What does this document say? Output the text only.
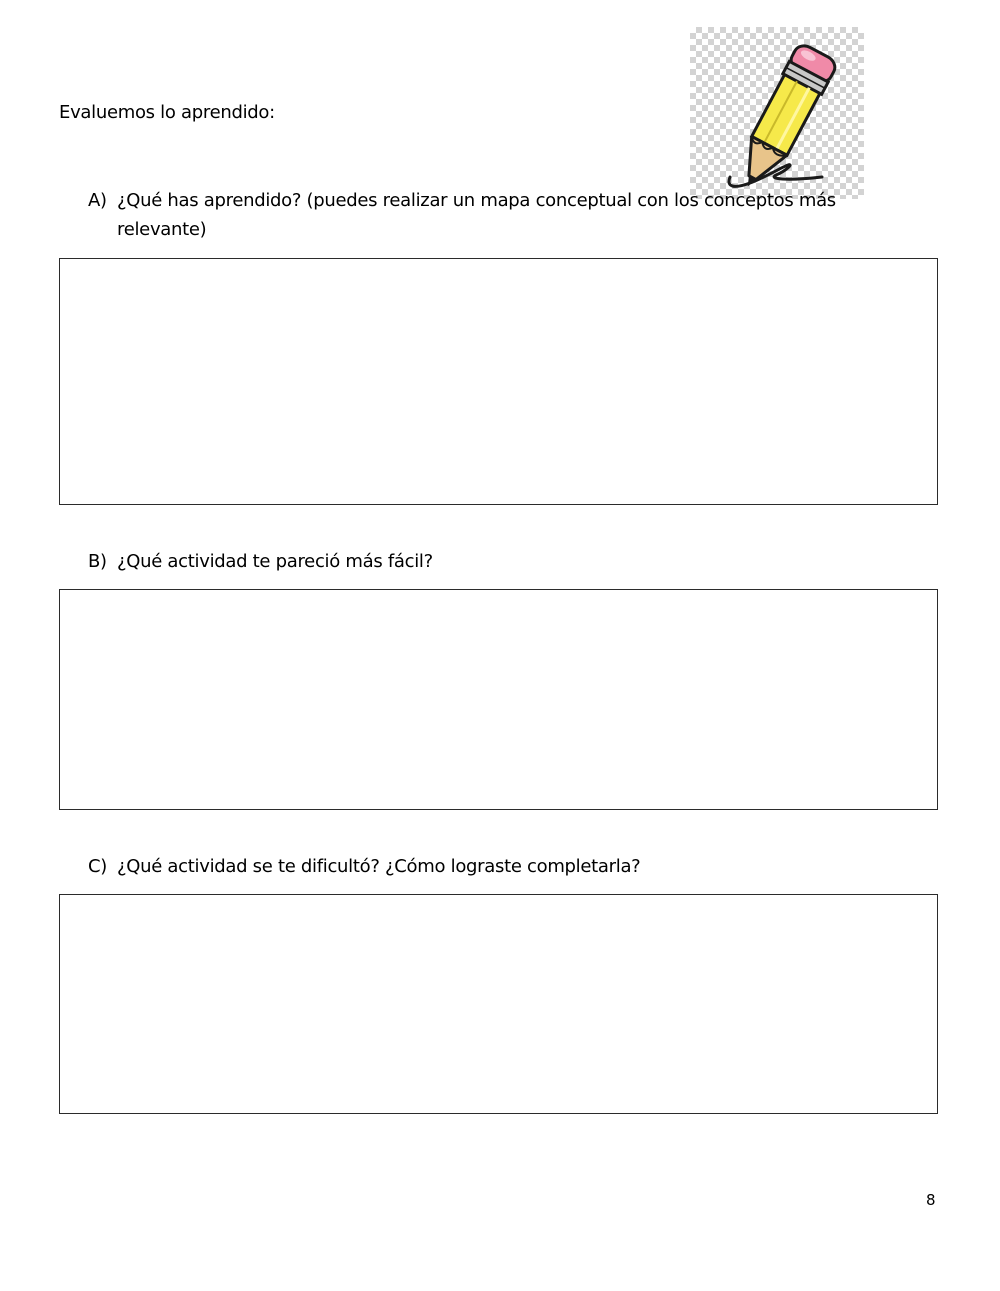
Evaluemos lo aprendido:
A) ¿Qué has aprendido? (puedes realizar un mapa conceptual con los conceptos más relevante)
B) ¿Qué actividad te pareció más fácil?
C) ¿Qué actividad se te dificultó? ¿Cómo lograste completarla?
8
